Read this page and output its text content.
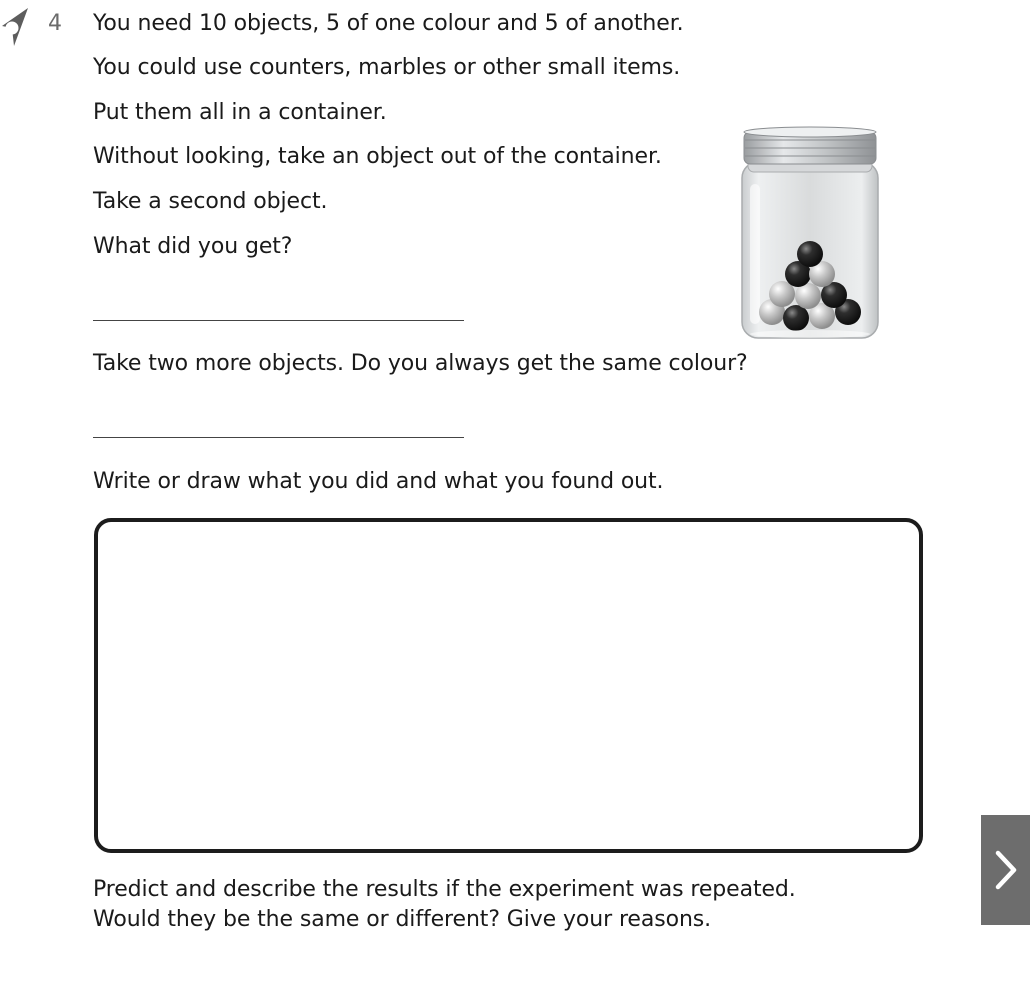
4 You need 10 objects, 5 of one colour and 5 of another.
You could use counters, marbles or other small items.
Put them all in a container.
Without looking, take an object out of the container.
Take a second object.
What did you get?
Take two more objects. Do you always get the same colour?
Write or draw what you did and what you found out.
Predict and describe the results if the experiment was repeated.
Would they be the same or different? Give your reasons.
